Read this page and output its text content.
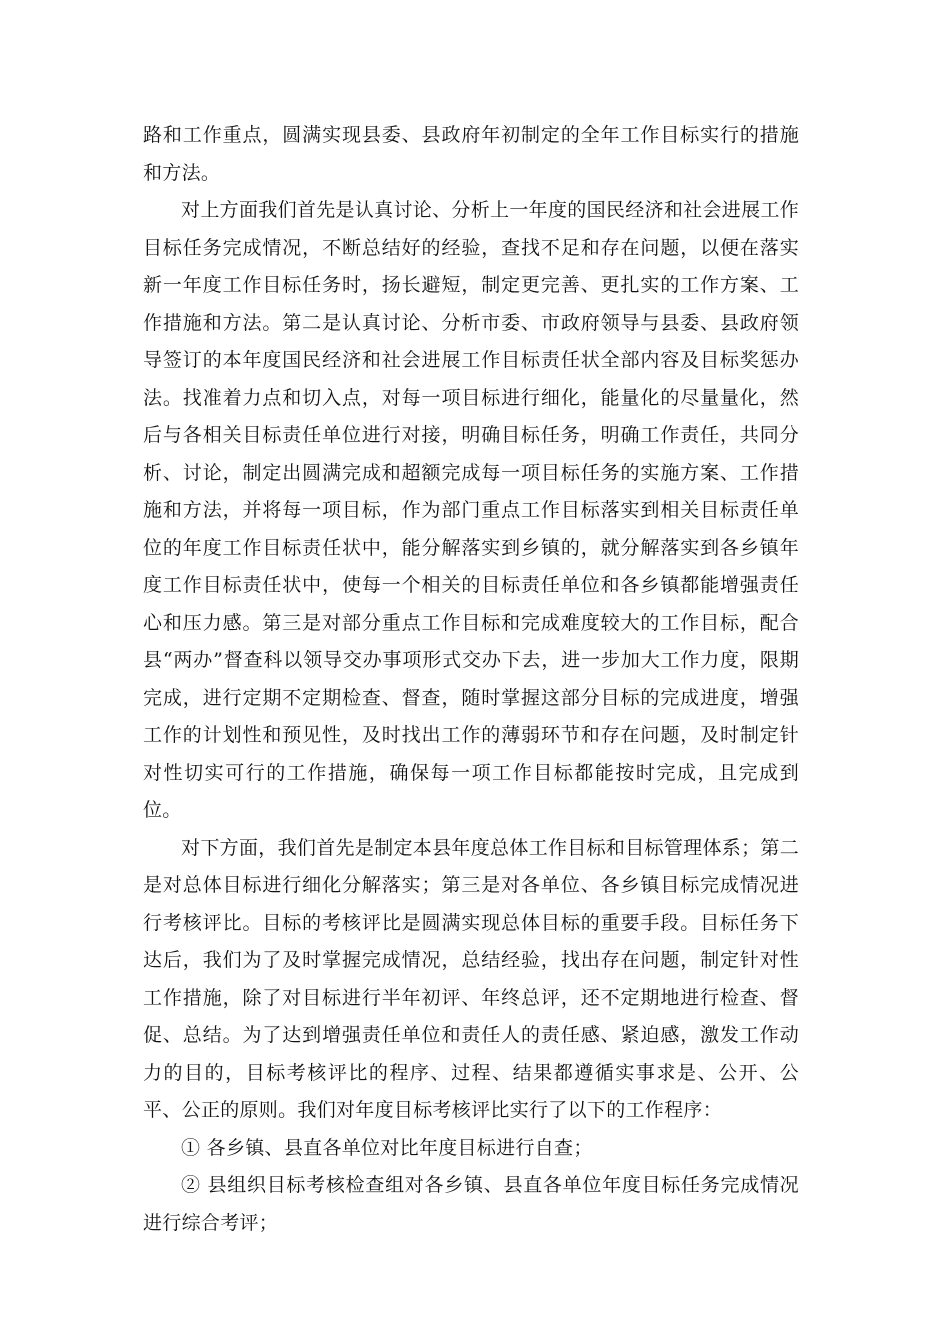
路和工作重点，圆满实现县委、县政府年初制定的全年工作目标实行的措施和方法。

对上方面我们首先是认真讨论、分析上一年度的国民经济和社会进展工作目标任务完成情况，不断总结好的经验，查找不足和存在问题，以便在落实新一年度工作目标任务时，扬长避短，制定更完善、更扎实的工作方案、工作措施和方法。第二是认真讨论、分析市委、市政府领导与县委、县政府领导签订的本年度国民经济和社会进展工作目标责任状全部内容及目标奖惩办法。找准着力点和切入点，对每一项目标进行细化，能量化的尽量量化，然后与各相关目标责任单位进行对接，明确目标任务，明确工作责任，共同分析、讨论，制定出圆满完成和超额完成每一项目标任务的实施方案、工作措施和方法，并将每一项目标，作为部门重点工作目标落实到相关目标责任单位的年度工作目标责任状中，能分解落实到乡镇的，就分解落实到各乡镇年度工作目标责任状中，使每一个相关的目标责任单位和各乡镇都能增强责任心和压力感。第三是对部分重点工作目标和完成难度较大的工作目标，配合县“两办”督查科以领导交办事项形式交办下去，进一步加大工作力度，限期完成，进行定期不定期检查、督查，随时掌握这部分目标的完成进度，增强工作的计划性和预见性，及时找出工作的薄弱环节和存在问题，及时制定针对性切实可行的工作措施，确保每一项工作目标都能按时完成，且完成到位。

对下方面，我们首先是制定本县年度总体工作目标和目标管理体系；第二是对总体目标进行细化分解落实；第三是对各单位、各乡镇目标完成情况进行考核评比。目标的考核评比是圆满实现总体目标的重要手段。目标任务下达后，我们为了及时掌握完成情况，总结经验，找出存在问题，制定针对性工作措施，除了对目标进行半年初评、年终总评，还不定期地进行检查、督促、总结。为了达到增强责任单位和责任人的责任感、紧迫感，激发工作动力的目的，目标考核评比的程序、过程、结果都遵循实事求是、公开、公平、公正的原则。我们对年度目标考核评比实行了以下的工作程序：

① 各乡镇、县直各单位对比年度目标进行自查；

② 县组织目标考核检查组对各乡镇、县直各单位年度目标任务完成情况进行综合考评；
